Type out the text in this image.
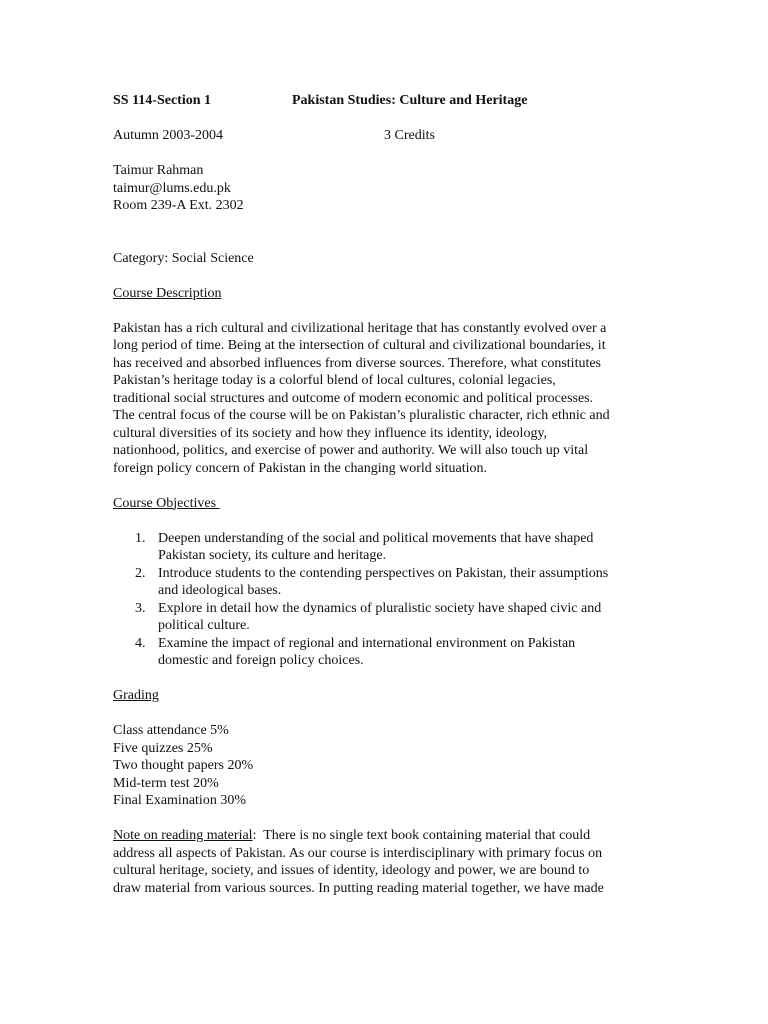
SS 114-Section 1	Pakistan Studies: Culture and Heritage
Autumn 2003-2004	3 Credits
Taimur Rahman
taimur@lums.edu.pk
Room 239-A Ext. 2302
Category: Social Science
Course Description
Pakistan has a rich cultural and civilizational heritage that has constantly evolved over a
long period of time. Being at the intersection of cultural and civilizational boundaries, it
has received and absorbed influences from diverse sources. Therefore, what constitutes
Pakistan’s heritage today is a colorful blend of local cultures, colonial legacies,
traditional social structures and outcome of modern economic and political processes.
The central focus of the course will be on Pakistan’s pluralistic character, rich ethnic and
cultural diversities of its society and how they influence its identity, ideology,
nationhood, politics, and exercise of power and authority. We will also touch up vital
foreign policy concern of Pakistan in the changing world situation.
Course Objectives
1. Deepen understanding of the social and political movements that have shaped
Pakistan society, its culture and heritage.
2. Introduce students to the contending perspectives on Pakistan, their assumptions
and ideological bases.
3. Explore in detail how the dynamics of pluralistic society have shaped civic and
political culture.
4. Examine the impact of regional and international environment on Pakistan
domestic and foreign policy choices.
Grading
Class attendance 5%
Five quizzes 25%
Two thought papers 20%
Mid-term test 20%
Final Examination 30%
Note on reading material:  There is no single text book containing material that could
address all aspects of Pakistan. As our course is interdisciplinary with primary focus on
cultural heritage, society, and issues of identity, ideology and power, we are bound to
draw material from various sources. In putting reading material together, we have made
